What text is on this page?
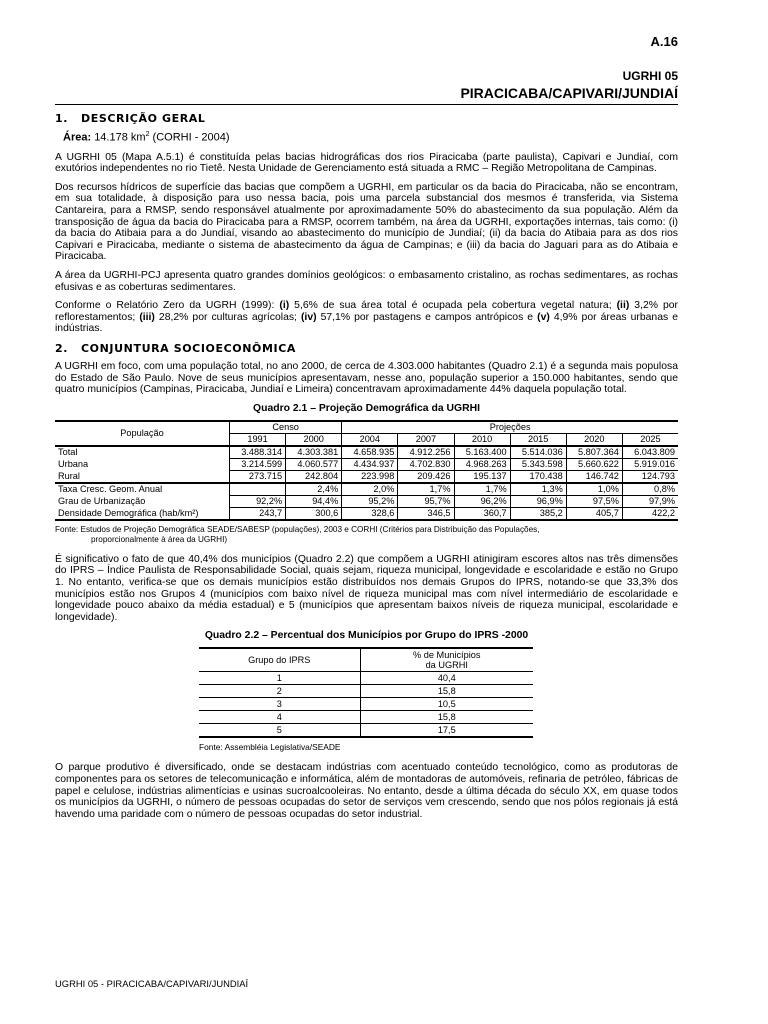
A.16
UGRHI 05
PIRACICABA/CAPIVARI/JUNDIAÍ
1.	DESCRIÇÃO GERAL
Área: 14.178 $km^2$ (CORHI - 2004)

A UGRHI 05 (Mapa A.5.1) é constituída pelas bacias hidrográficas dos rios Piracicaba (parte paulista), Capivari e Jundiaí, com exutórios independentes no rio Tietê. Nesta Unidade de Gerenciamento está situada a RMC – Região Metropolitana de Campinas.

Dos recursos hídricos de superfície das bacias que compõem a UGRHI, em particular os da bacia do Piracicaba, não se encontram, em sua totalidade, à disposição para uso nessa bacia, pois uma parcela substancial dos mesmos é transferida, via Sistema Cantareira, para a RMSP, sendo responsável atualmente por aproximadamente 50% do abastecimento da sua população. Além da transposição de água da bacia do Piracicaba para a RMSP, ocorrem também, na área da UGRHI, exportações internas, tais como: (i) da bacia do Atibaia para a do Jundiaí, visando ao abastecimento do município de Jundiaí; (ii) da bacia do Atibaia para as dos rios Capivari e Piracicaba, mediante o sistema de abastecimento da água de Campinas; e (iii) da bacia do Jaguari para as do Atibaia e Piracicaba.

A área da UGRHI-PCJ apresenta quatro grandes domínios geológicos: o embasamento cristalino, as rochas sedimentares, as rochas efusivas e as coberturas sedimentares.

Conforme o Relatório Zero da UGRH (1999): (i) 5,6% de sua área total é ocupada pela cobertura vegetal natura; (ii) 3,2% por reflorestamentos; (iii) 28,2% por culturas agrícolas; (iv) 57,1% por pastagens e campos antrópicos e (v) 4,9% por áreas urbanas e indústrias.

2.	CONJUNTURA SOCIOECONÔMICA

A UGRHI em foco, com uma população total, no ano 2000, de cerca de 4.303.000 habitantes (Quadro 2.1) é a segunda mais populosa do Estado de São Paulo. Nove de seus municípios apresentavam, nesse ano, população superior a 150.000 habitantes, sendo que quatro municípios (Campinas, Piracicaba, Jundiaí e Limeira) concentravam aproximadamente 44% daquela população total.

Quadro 2.1 – Projeção Demográfica da UGRHI
População	Censo		Projeções					
	1991	2000	2004	2007	2010	2015	2020	2025
Total	3.488.314	4.303.381	4.658.935	4.912.256	5.163.400	5.514.036	5.807.364	6.043.809
Urbana	3.214.599	4.060.577	4.434.937	4.702.830	4.968.263	5.343.598	5.660.622	5.919.016
Rural	273.715	242.804	223.998	209.426	195.137	170.438	146.742	124.793
Taxa Cresc. Geom. Anual		2,4%	2,0%	1,7%	1,7%	1,3%	1,0%	0,8%
Grau de Urbanização	92,2%	94,4%	95,2%	95,7%	96,2%	96,9%	97,5%	97,9%
Densidade Demográfica (hab/km²)	243,7	300,6	328,6	346,5	360,7	385,2	405,7	422,2
Fonte: Estudos de Projeção Demográfica SEADE/SABESP (populações), 2003 e CORHI (Critérios para Distribuição das Populações,
proporcionalmente à área da UGRHI)

É significativo o fato de que 40,4% dos municípios (Quadro 2.2) que compõem a UGRHI atinigiram escores altos nas três dimensões do IPRS – Índice Paulista de Responsabilidade Social, quais sejam, riqueza municipal, longevidade e escolaridade e estão no Grupo 1. No entanto, verifica-se que os demais municípios estão distribuídos nos demais Grupos do IPRS, notando-se que 33,3% dos municípios estão nos Grupos 4 (municípios com baixo nível de riqueza municipal mas com nível intermediário de escolaridade e longevidade pouco abaixo da média estadual) e 5 (municípios que apresentam baixos níveis de riqueza municipal, escolaridade e longevidade).

Quadro 2.2 – Percentual dos Municípios por Grupo do IPRS -2000
Grupo do IPRS	% de Municípios
da UGRHI
1	40,4
2	15,8
3	10,5
4	15,8
5	17,5
Fonte: Assembléia Legislativa/SEADE

O parque produtivo é diversificado, onde se destacam indústrias com acentuado conteúdo tecnológico, como as produtoras de componentes para os setores de telecomunicação e informática, além de montadoras de automóveis, refinaria de petróleo, fábricas de papel e celulose, indústrias alimentícias e usinas sucroalcooleiras. No entanto, desde a última década do século XX, em quase todos os municípios da UGRHI, o número de pessoas ocupadas do setor de serviços vem crescendo, sendo que nos pólos regionais já está havendo uma paridade com o número de pessoas ocupadas do setor industrial.

UGRHI 05 - PIRACICABA/CAPIVARI/JUNDIAÍ
